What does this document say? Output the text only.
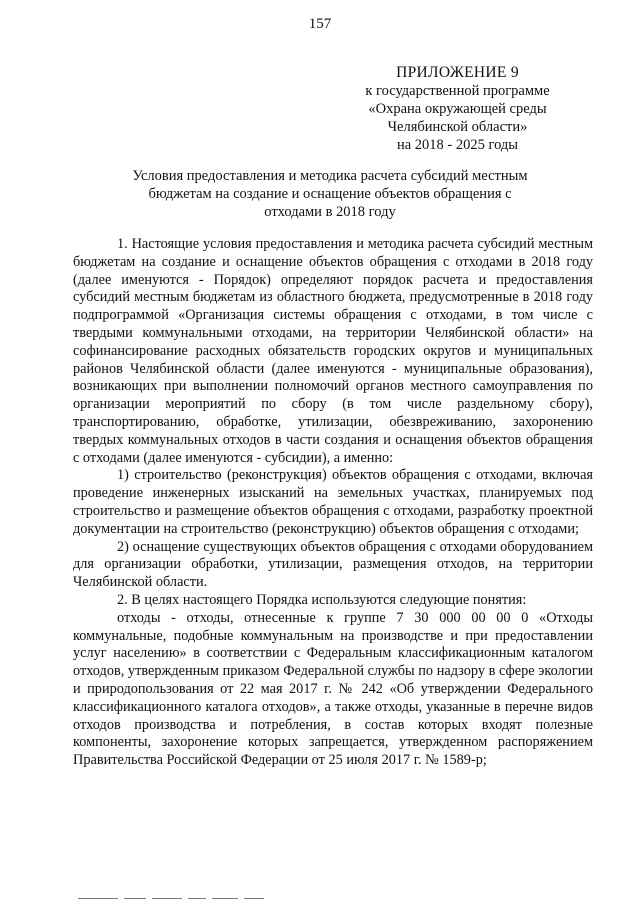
157
ПРИЛОЖЕНИЕ 9
к государственной программе
«Охрана окружающей среды
Челябинской области»
на 2018 - 2025 годы
Условия предоставления и методика расчета субсидий местным бюджетам на создание и оснащение объектов обращения с отходами в 2018 году

1. Настоящие условия предоставления и методика расчета субсидий местным бюджетам на создание и оснащение объектов обращения с отходами в 2018 году (далее именуются - Порядок) определяют порядок расчета и предоставления субсидий местным бюджетам из областного бюджета, предусмотренные в 2018 году подпрограммой «Организация системы обращения с отходами, в том числе с твердыми коммунальными отходами, на территории Челябинской области» на софинансирование расходных обязательств городских округов и муниципальных районов Челябинской области (далее именуются - муниципальные образования), возникающих при выполнении полномочий органов местного самоуправления по организации мероприятий по сбору (в том числе раздельному сбору), транспортированию, обработке, утилизации, обезвреживанию, захоронению твердых коммунальных отходов в части создания и оснащения объектов обращения с отходами (далее именуются - субсидии), а именно:

1) строительство (реконструкция) объектов обращения с отходами, включая проведение инженерных изысканий на земельных участках, планируемых под строительство и размещение объектов обращения с отходами, разработку проектной документации на строительство (реконструкцию) объектов обращения с отходами;

2) оснащение существующих объектов обращения с отходами оборудованием для организации обработки, утилизации, размещения отходов, на территории Челябинской области.

2. В целях настоящего Порядка используются следующие понятия:

отходы - отходы, отнесенные к группе 7 30 000 00 00 0 «Отходы коммунальные, подобные коммунальным на производстве и при предоставлении услуг населению» в соответствии с Федеральным классификационным каталогом отходов, утвержденным приказом Федеральной службы по надзору в сфере экологии и природопользования от 22 мая 2017 г. № 242 «Об утверждении Федерального классификационного каталога отходов», а также отходы, указанные в перечне видов отходов производства и потребления, в состав которых входят полезные компоненты, захоронение которых запрещается, утвержденном распоряжением Правительства Российской Федерации от 25 июля 2017 г. № 1589-р;
